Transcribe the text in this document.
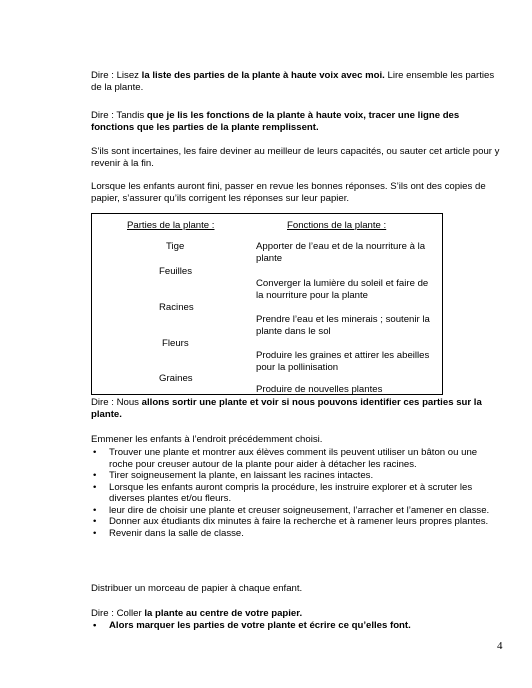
Dire : Lisez la liste des parties de la plante à haute voix avec moi. Lire ensemble les parties de la plante.

Dire : Tandis que je lis les fonctions de la plante à haute voix, tracer une ligne des fonctions que les parties de la plante remplissent.

S’ils sont incertaines, les faire deviner au meilleur de leurs capacités, ou sauter cet article pour y revenir à la fin.

Lorsque les enfants auront fini, passer en revue les bonnes réponses. S’ils ont des copies de papier, s’assurer qu’ils corrigent les réponses sur leur papier.

Parties de la plante :	Fonctions de la plante :
Tige
Feuilles
Racines
Fleurs
Graines
Apporter de l’eau et de la nourriture à la plante
Converger la lumière du soleil et faire de la nourriture pour la plante
Prendre l’eau et les minerais ; soutenir la plante dans le sol
Produire les graines et attirer les abeilles pour la pollinisation
Produire de nouvelles plantes

Dire : Nous allons sortir une plante et voir si nous pouvons identifier ces parties sur la plante.

Emmener les enfants à l’endroit précédemment choisi.

• Trouver une plante et montrer aux élèves comment ils peuvent utiliser un bâton ou une roche pour creuser autour de la plante pour aider à détacher les racines.
• Tirer soigneusement la plante, en laissant les racines intactes.
• Lorsque les enfants auront compris la procédure, les instruire explorer et à scruter les diverses plantes et/ou fleurs.
• leur dire de choisir une plante et creuser soigneusement, l’arracher et l’amener en classe.
• Donner aux étudiants dix minutes à faire la recherche et à ramener leurs propres plantes.
• Revenir dans la salle de classe.

Distribuer un morceau de papier à chaque enfant.

Dire : Coller la plante au centre de votre papier.

• Alors marquer les parties de votre plante et écrire ce qu’elles font.
4
